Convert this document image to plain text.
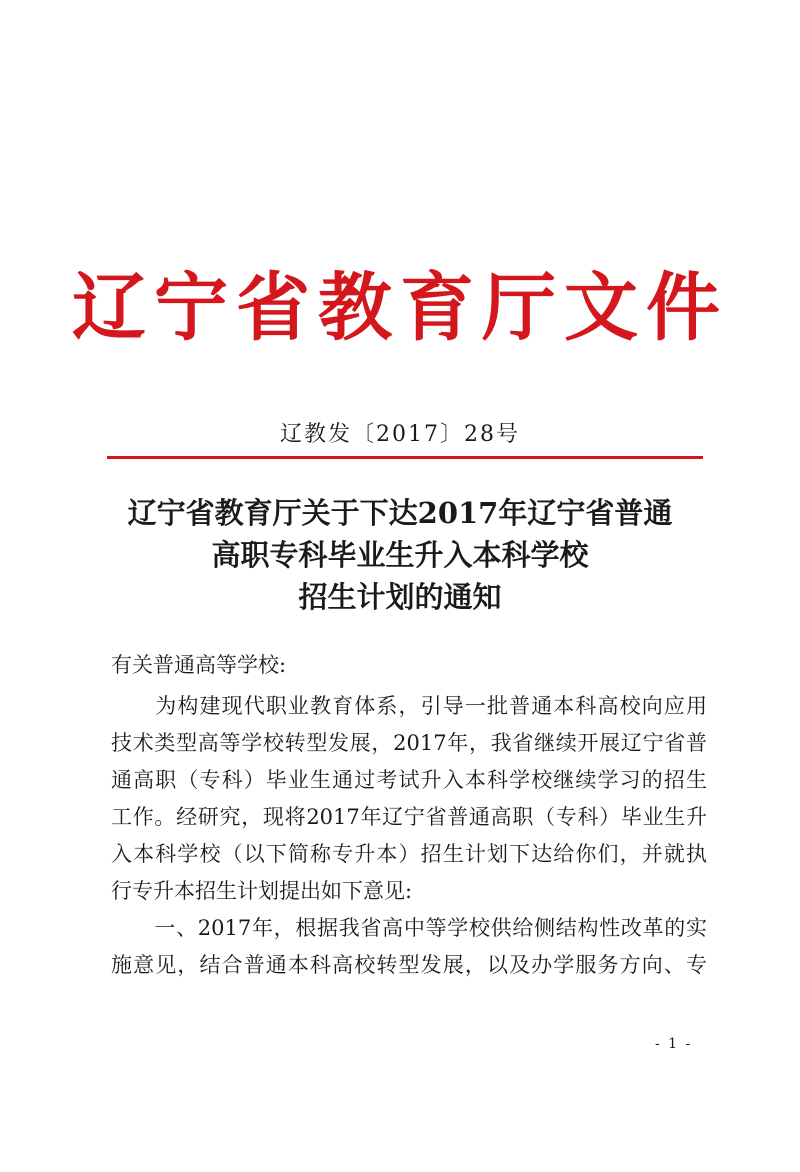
辽宁省教育厅文件
辽教发〔2017〕28号
辽宁省教育厅关于下达2017年辽宁省普通
高职专科毕业生升入本科学校
招生计划的通知
有关普通高等学校:
　　为构建现代职业教育体系，引导一批普通本科高校向应用
技术类型高等学校转型发展，2017年，我省继续开展辽宁省普
通高职（专科）毕业生通过考试升入本科学校继续学习的招生
工作。经研究，现将2017年辽宁省普通高职（专科）毕业生升
入本科学校（以下简称专升本）招生计划下达给你们，并就执
行专升本招生计划提出如下意见:
　　一、2017年，根据我省高中等学校供给侧结构性改革的实
施意见，结合普通本科高校转型发展，以及办学服务方向、专
- 1 -
